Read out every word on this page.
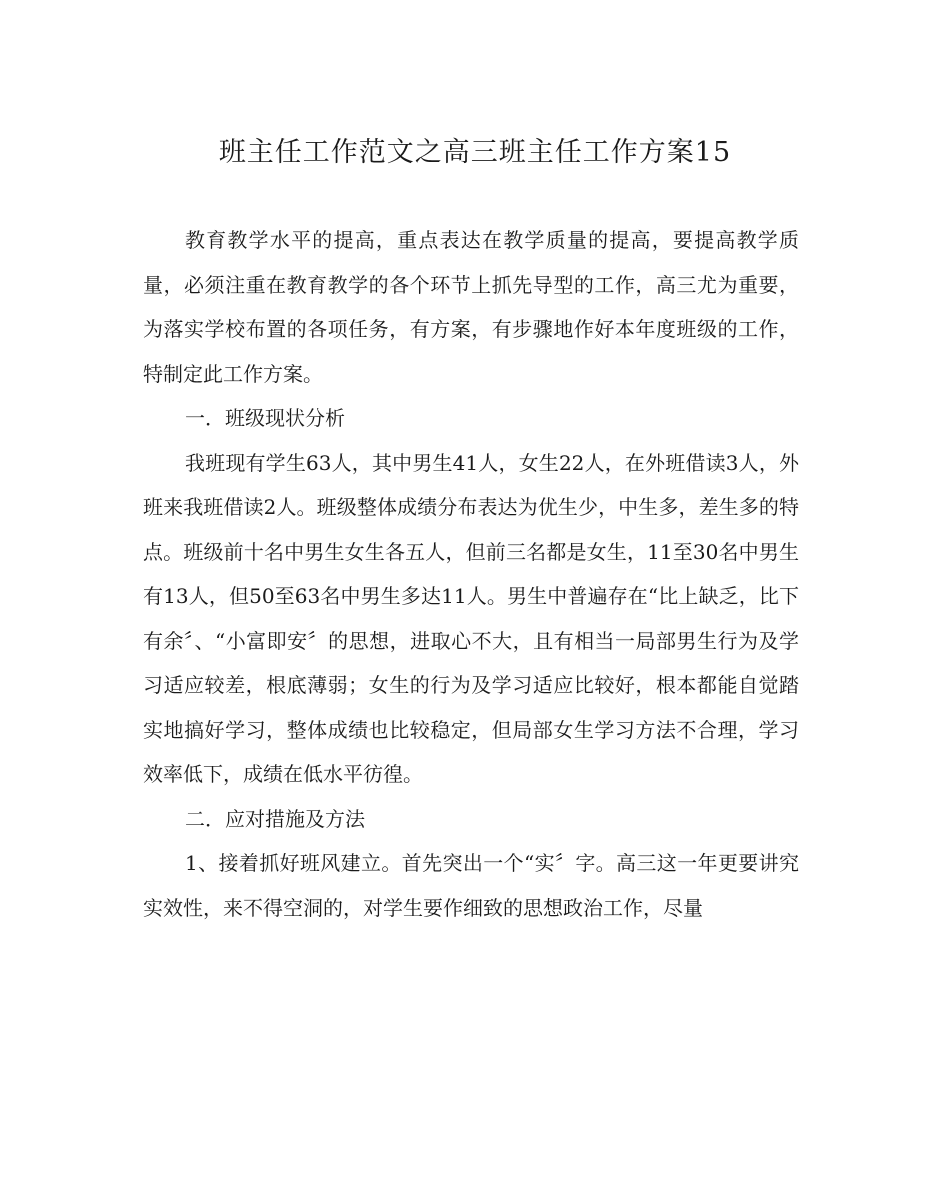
班主任工作范文之高三班主任工作方案15

教育教学水平的提高，重点表达在教学质量的提高，要提高教学质量，必须注重在教育教学的各个环节上抓先导型的工作，高三尤为重要，为落实学校布置的各项任务，有方案，有步骤地作好本年度班级的工作，特制定此工作方案。

一．班级现状分析

我班现有学生63人，其中男生41人，女生22人，在外班借读3人，外班来我班借读2人。班级整体成绩分布表达为优生少，中生多，差生多的特点。班级前十名中男生女生各五人，但前三名都是女生，11至30名中男生有13人，但50至63名中男生多达11人。男生中普遍存在“比上缺乏，比下有余〞、“小富即安〞的思想，进取心不大，且有相当一局部男生行为及学习适应较差，根底薄弱；女生的行为及学习适应比较好，根本都能自觉踏实地搞好学习，整体成绩也比较稳定，但局部女生学习方法不合理，学习效率低下，成绩在低水平彷徨。

二．应对措施及方法

1、接着抓好班风建立。首先突出一个“实〞字。高三这一年更要讲究实效性，来不得空洞的，对学生要作细致的思想政治工作，尽量
